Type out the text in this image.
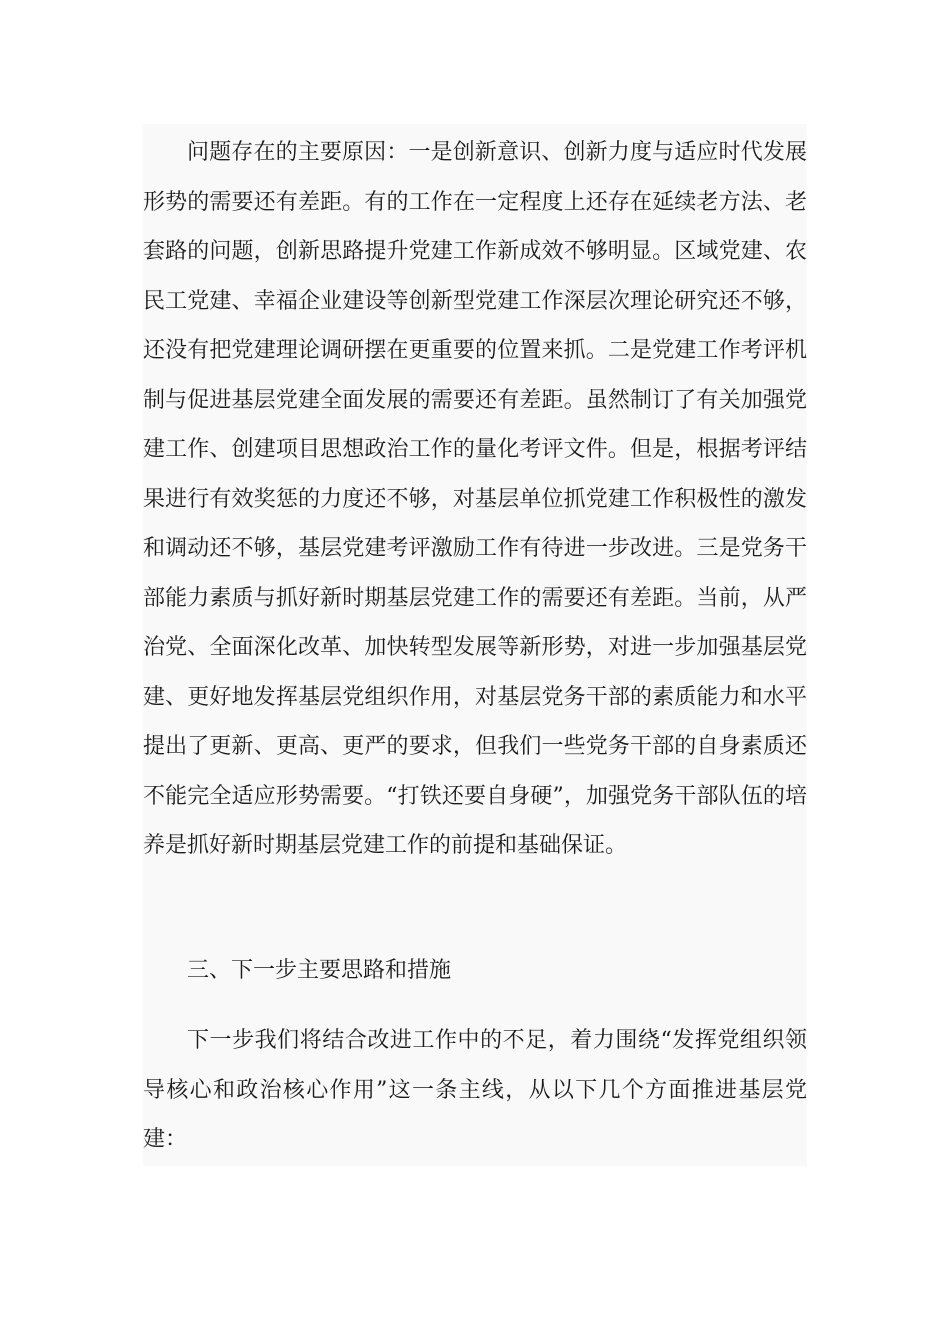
问题存在的主要原因：一是创新意识、创新力度与适应时代发展形势的需要还有差距。有的工作在一定程度上还存在延续老方法、老套路的问题，创新思路提升党建工作新成效不够明显。区域党建、农民工党建、幸福企业建设等创新型党建工作深层次理论研究还不够，还没有把党建理论调研摆在更重要的位置来抓。二是党建工作考评机制与促进基层党建全面发展的需要还有差距。虽然制订了有关加强党建工作、创建项目思想政治工作的量化考评文件。但是，根据考评结果进行有效奖惩的力度还不够，对基层单位抓党建工作积极性的激发和调动还不够，基层党建考评激励工作有待进一步改进。三是党务干部能力素质与抓好新时期基层党建工作的需要还有差距。当前，从严治党、全面深化改革、加快转型发展等新形势，对进一步加强基层党建、更好地发挥基层党组织作用，对基层党务干部的素质能力和水平提出了更新、更高、更严的要求，但我们一些党务干部的自身素质还不能完全适应形势需要。“打铁还要自身硬”，加强党务干部队伍的培养是抓好新时期基层党建工作的前提和基础保证。

三、下一步主要思路和措施

下一步我们将结合改进工作中的不足，着力围绕“发挥党组织领导核心和政治核心作用”这一条主线，从以下几个方面推进基层党建：
